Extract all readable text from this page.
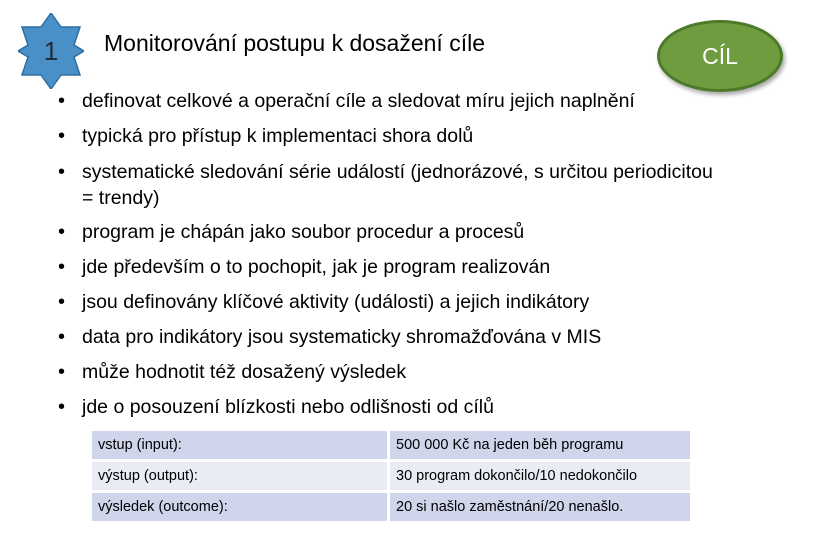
1	Monitorování postupu k dosažení cíle	CÍL
• definovat celkové a operační cíle a sledovat míru jejich naplnění
• typická pro přístup k implementaci shora dolů
• systematické sledování série událostí (jednorázové, s určitou periodicitou = trendy)
• program je chápán jako soubor procedur a procesů
• jde především o to pochopit, jak je program realizován
• jsou definovány klíčové aktivity (události) a jejich indikátory
• data pro indikátory jsou systematicky shromažďována v MIS
• může hodnotit též dosažený výsledek
• jde o posouzení blízkosti nebo odlišnosti od cílů
vstup (input):	500 000 Kč na jeden běh programu
výstup (output):	30 program dokončilo/10 nedokončilo
výsledek (outcome):	20 si našlo zaměstnání/20 nenašlo.
